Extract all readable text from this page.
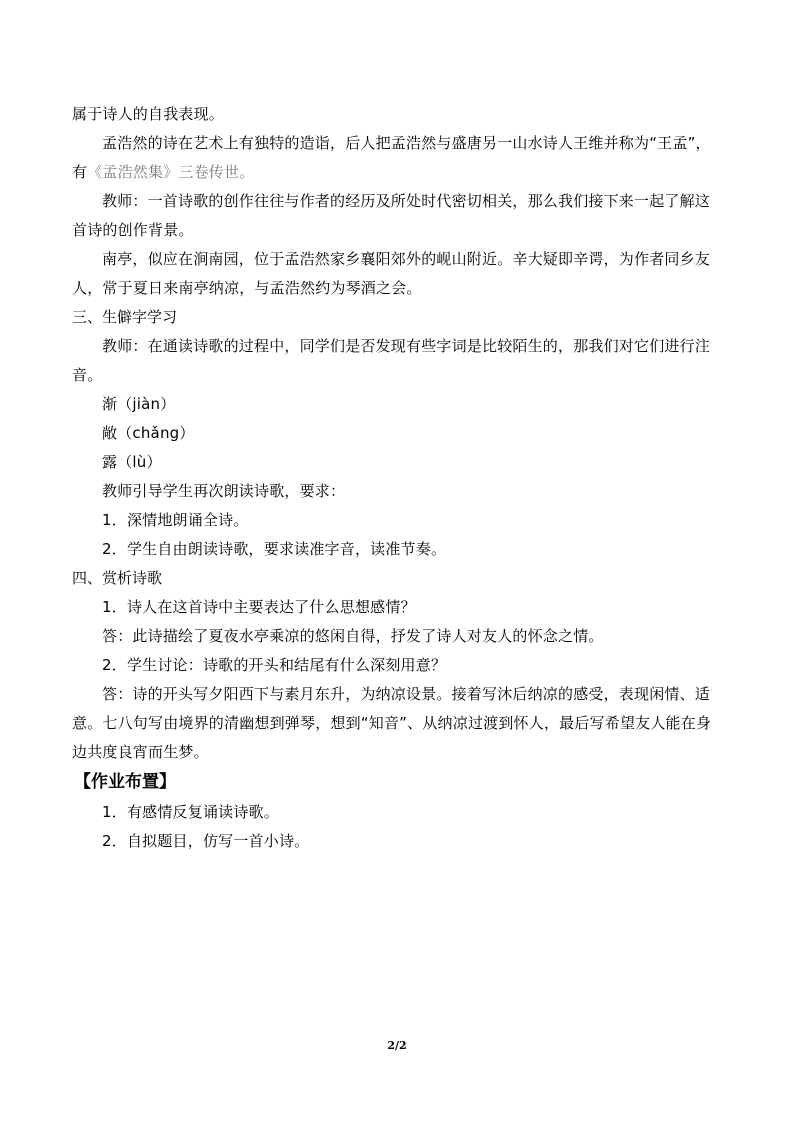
属于诗人的自我表现。

孟浩然的诗在艺术上有独特的造诣，后人把孟浩然与盛唐另一山水诗人王维并称为“王孟”，有《孟浩然集》三卷传世。

教师：一首诗歌的创作往往与作者的经历及所处时代密切相关，那么我们接下来一起了解这首诗的创作背景。

南亭，似应在涧南园，位于孟浩然家乡襄阳郊外的岘山附近。辛大疑即辛谔，为作者同乡友人，常于夏日来南亭纳凉，与孟浩然约为琴酒之会。

三、生僻字学习

教师：在通读诗歌的过程中，同学们是否发现有些字词是比较陌生的，那我们对它们进行注音。

渐（jiàn）

敞（chǎng）

露（lù）

教师引导学生再次朗读诗歌，要求：

1．深情地朗诵全诗。

2．学生自由朗读诗歌，要求读准字音，读准节奏。

四、赏析诗歌

1．诗人在这首诗中主要表达了什么思想感情？

答：此诗描绘了夏夜水亭乘凉的悠闲自得，抒发了诗人对友人的怀念之情。

2．学生讨论：诗歌的开头和结尾有什么深刻用意？

答：诗的开头写夕阳西下与素月东升，为纳凉设景。接着写沐后纳凉的感受，表现闲情、适意。七八句写由境界的清幽想到弹琴，想到“知音”、从纳凉过渡到怀人，最后写希望友人能在身边共度良宵而生梦。

【作业布置】

1．有感情反复诵读诗歌。

2．自拟题目，仿写一首小诗。

2/2
